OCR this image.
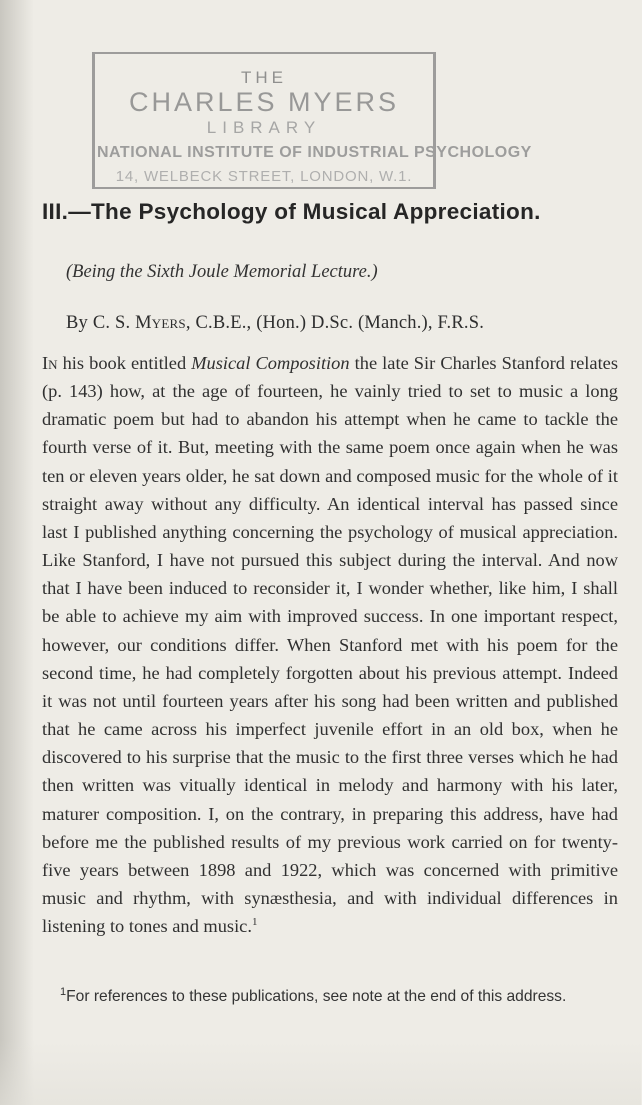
THE
CHARLES MYERS
LIBRARY
NATIONAL INSTITUTE OF INDUSTRIAL PSYCHOLOGY
14, WELBECK STREET, LONDON, W.1.
III.—The Psychology of Musical Appreciation.
(Being the Sixth Joule Memorial Lecture.)
By C. S. Myers, C.B.E., (Hon.) D.Sc. (Manch.), F.R.S.
In his book entitled Musical Composition the late Sir Charles Stanford relates (p. 143) how, at the age of fourteen, he vainly tried to set to music a long dramatic poem but had to abandon his attempt when he came to tackle the fourth verse of it. But, meeting with the same poem once again when he was ten or eleven years older, he sat down and composed music for the whole of it straight away without any difficulty. An identical interval has passed since last I published anything concerning the psychology of musical appreciation. Like Stanford, I have not pursued this subject during the interval. And now that I have been induced to reconsider it, I wonder whether, like him, I shall be able to achieve my aim with improved success. In one important respect, however, our conditions differ. When Stanford met with his poem for the second time, he had completely forgotten about his previous attempt. Indeed it was not until fourteen years after his song had been written and published that he came across his imperfect juvenile effort in an old box, when he discovered to his surprise that the music to the first three verses which he had then written was vitually identical in melody and harmony with his later, maturer composition. I, on the contrary, in preparing this address, have had before me the published results of my previous work carried on for twenty-five years between 1898 and 1922, which was concerned with primitive music and rhythm, with synæsthesia, and with individual differences in listening to tones and music.$^1$
$^1$For references to these publications, see note at the end of this address.
